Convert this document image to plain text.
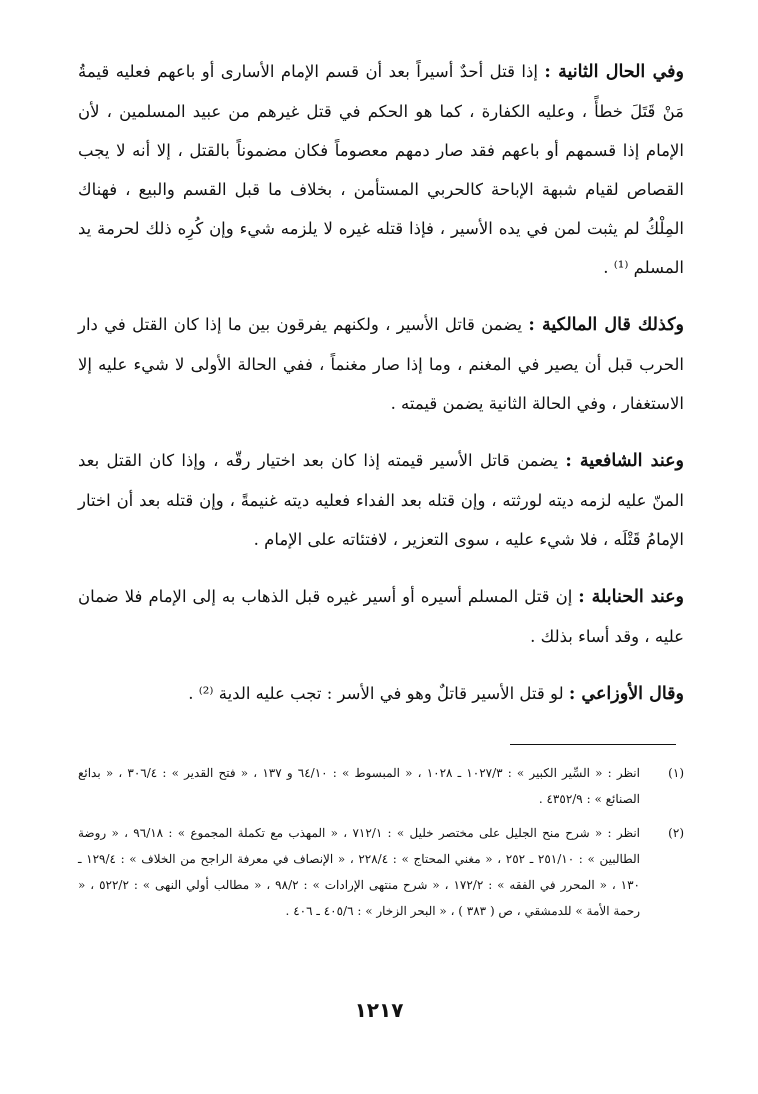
وفي الحال الثانية : إذا قتل أحدٌ أسيراً بعد أن قسم الإمام الأسارى أو باعهم فعليه قيمةُ مَنْ قَتَلَ خطأً ، وعليه الكفارة ، كما هو الحكم في قتل غيرهم من عبيد المسلمين ، لأن الإمام إذا قسمهم أو باعهم فقد صار دمهم معصوماً فكان مضموناً بالقتل ، إلا أنه لا يجب القصاص لقيام شبهة الإباحة كالحربي المستأمن ، بخلاف ما قبل القسم والبيع ، فهناك المِلْكُ لم يثبت لمن في يده الأسير ، فإذا قتله غيره لا يلزمه شيء وإن كُرِه ذلك لحرمة يد المسلم ⁽¹⁾ .

وكذلك قال المالكية : يضمن قاتل الأسير ، ولكنهم يفرقون بين ما إذا كان القتل في دار الحرب قبل أن يصير في المغنم ، وما إذا صار مغنماً ، ففي الحالة الأولى لا شيء عليه إلا الاستغفار ، وفي الحالة الثانية يضمن قيمته .

وعند الشافعية : يضمن قاتل الأسير قيمته إذا كان بعد اختيار رقّه ، وإذا كان القتل بعد المنّ عليه لزمه ديته لورثته ، وإن قتله بعد الفداء فعليه ديته غنيمةً ، وإن قتله بعد أن اختار الإمامُ قَتْلَه ، فلا شيء عليه ، سوى التعزير ، لافتئاته على الإمام .

وعند الحنابلة : إن قتل المسلم أسيره أو أسير غيره قبل الذهاب به إلى الإمام فلا ضمان عليه ، وقد أساء بذلك .

وقال الأوزاعي : لو قتل الأسير قاتلٌ وهو في الأسر : تجب عليه الدية ⁽²⁾ .

(١)
انظر : « السِّير الكبير » : ١٠٢٧/٣ ـ ١٠٢٨ ، « المبسوط » : ٦٤/١٠ و ١٣٧ ، « فتح القدير » : ٣٠٦/٤ ، « بدائع الصنائع » : ٤٣٥٢/٩ .
(٢)
انظر : « شرح منح الجليل على مختصر خليل » : ٧١٢/١ ، « المهذب مع تكملة المجموع » : ٩٦/١٨ ، « روضة الطالبين » : ٢٥١/١٠ ـ ٢٥٢ ، « مغني المحتاج » : ٢٢٨/٤ ، « الإنصاف في معرفة الراجح من الخلاف » : ١٢٩/٤ ـ ١٣٠ ، « المحرر في الفقه » : ١٧٢/٢ ، « شرح منتهى الإرادات » : ٩٨/٢ ، « مطالب أولي النهى » : ٥٢٢/٢ ، « رحمة الأمة » للدمشقي ، ص ( ٣٨٣ ) ، « البحر الزخار » : ٤٠٥/٦ ـ ٤٠٦ .
١٢١٧
